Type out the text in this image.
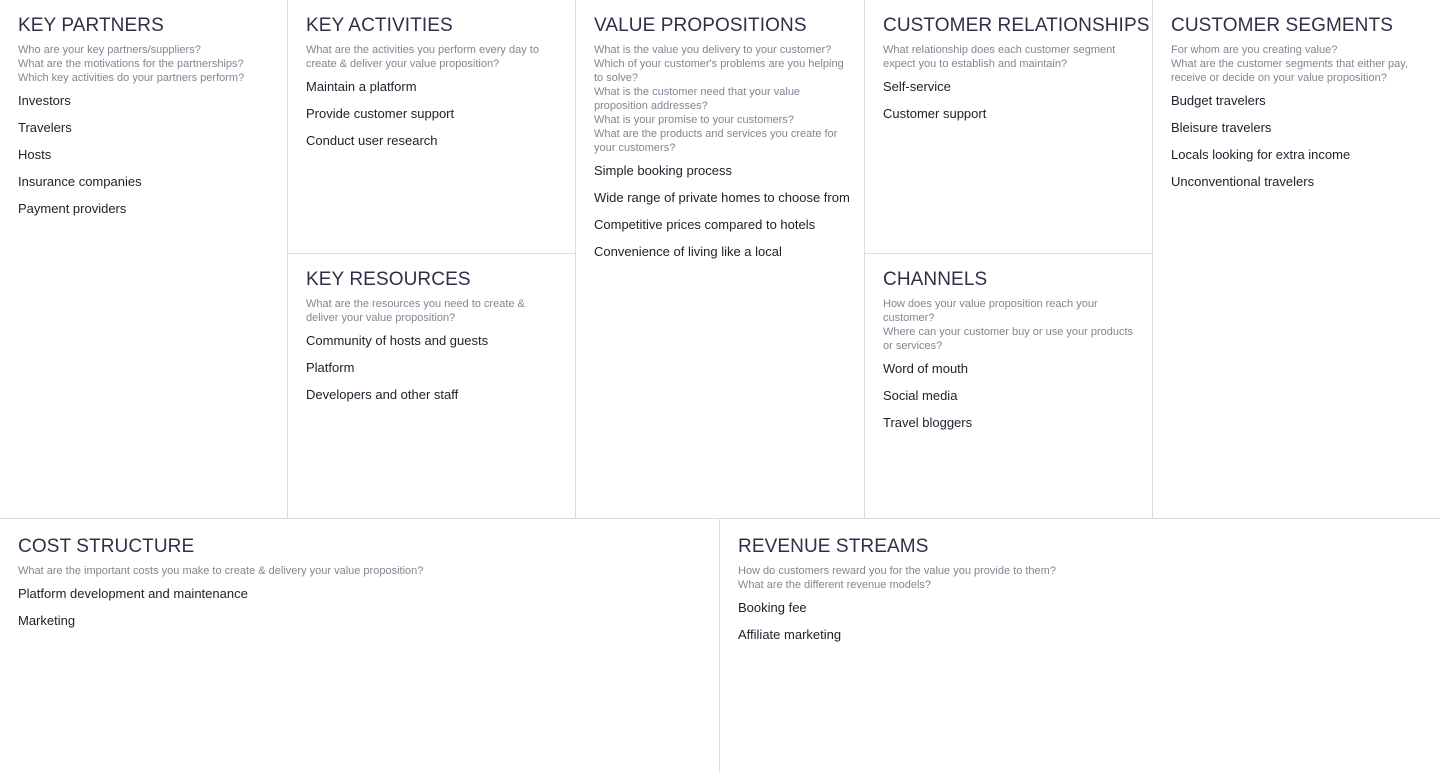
KEY PARTNERS
Who are your key partners/suppliers?
What are the motivations for the partnerships?
Which key activities do your partners perform?
Investors
Travelers
Hosts
Insurance companies
Payment providers
KEY ACTIVITIES
What are the activities you perform every day to create & deliver your value proposition?
Maintain a platform
Provide customer support
Conduct user research
KEY RESOURCES
What are the resources you need to create & deliver your value proposition?
Community of hosts and guests
Platform
Developers and other staff
VALUE PROPOSITIONS
What is the value you delivery to your customer?
Which of your customer's problems are you helping to solve?
What is the customer need that your value proposition addresses?
What is your promise to your customers?
What are the products and services you create for your customers?
Simple booking process
Wide range of private homes to choose from
Competitive prices compared to hotels
Convenience of living like a local
CUSTOMER RELATIONSHIPS
What relationship does each customer segment expect you to establish and maintain?
Self-service
Customer support
CHANNELS
How does your value proposition reach your customer?
Where can your customer buy or use your products or services?
Word of mouth
Social media
Travel bloggers
CUSTOMER SEGMENTS
For whom are you creating value?
What are the customer segments that either pay, receive or decide on your value proposition?
Budget travelers
Bleisure travelers
Locals looking for extra income
Unconventional travelers
COST STRUCTURE
What are the important costs you make to create & delivery your value proposition?
Platform development and maintenance
Marketing
REVENUE STREAMS
How do customers reward you for the value you provide to them?
What are the different revenue models?
Booking fee
Affiliate marketing
